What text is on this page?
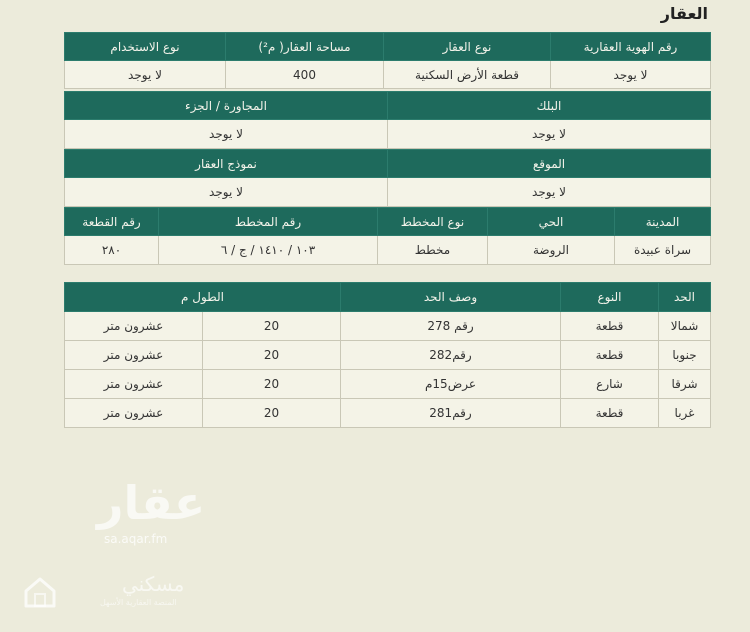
العقار
رقم الهوية العقارية	نوع العقار	مساحة العقار( م²)	نوع الاستخدام
لا يوجد	قطعة الأرض السكنية	400	لا يوجد
البلك	المجاورة / الجزء
لا يوجد	لا يوجد
الموقع	نموذج العقار
لا يوجد	لا يوجد
المدينة	الحي	نوع المخطط	رقم المخطط	رقم القطعة
سراة عبيدة	الروضة	مخطط	١٠٣ / ١٤١٠ / ج / ٦	٢٨٠
الحد	النوع	وصف الحد	الطول م	
شمالا	قطعة	رقم 278	20	عشرون متر
جنوبا	قطعة	رقم282	20	عشرون متر
شرقا	شارع	عرض15م	20	عشرون متر
غربا	قطعة	رقم281	20	عشرون متر
عقار
sa.aqar.fm
مسكني
المنصة العقارية الأسهل
